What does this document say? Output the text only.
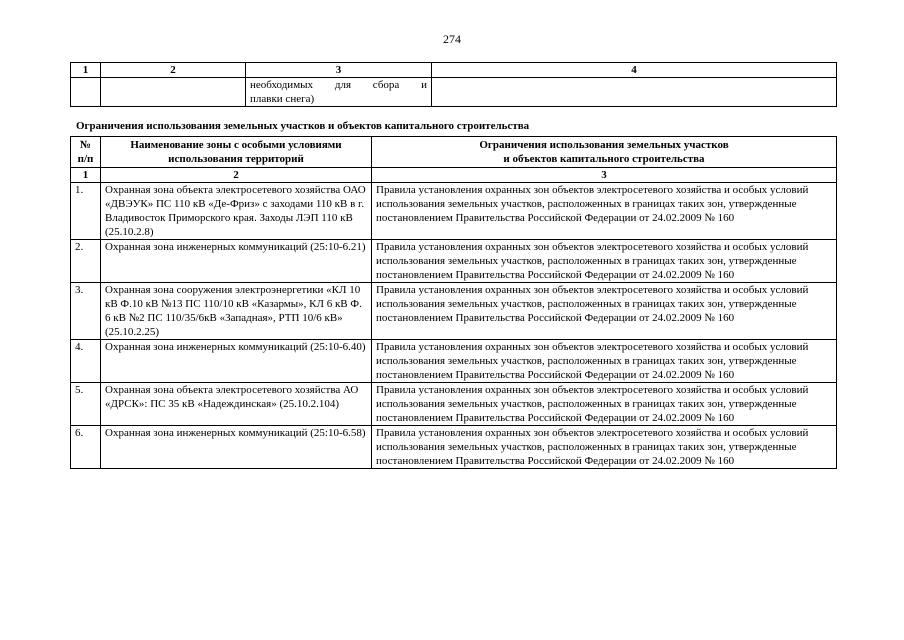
274
1	2	3	4

		необходимых для сбора и
плавки снега)	
Ограничения использования земельных участков и объектов капитального строительства
№
п/п	Наименование зоны с особыми условиями
использования территорий	Ограничения использования земельных участков
и объектов капитального строительства

1	2	3
1.	Охранная зона объекта электросетевого хозяйства ОАО «ДВЭУК» ПС 110 кВ «Де-Фриз» с заходами 110 кВ в г. Владивосток Приморского края. Заходы ЛЭП 110 кВ (25.10.2.8)	Правила установления охранных зон объектов электросетевого хозяйства и особых условий использования земельных участков, расположенных в границах таких зон, утвержденные постановлением Правительства Российской Федерации от 24.02.2009 № 160
2.	Охранная зона инженерных коммуникаций (25:10-6.21)	Правила установления охранных зон объектов электросетевого хозяйства и особых условий использования земельных участков, расположенных в границах таких зон, утвержденные постановлением Правительства Российской Федерации от 24.02.2009 № 160
3.	Охранная зона сооружения электроэнергетики «КЛ 10 кВ Ф.10 кВ №13 ПС 110/10 кВ «Казармы», КЛ 6 кВ Ф. 6 кВ №2 ПС 110/35/6кВ «Западная», РТП 10/6 кВ» (25.10.2.25)	Правила установления охранных зон объектов электросетевого хозяйства и особых условий использования земельных участков, расположенных в границах таких зон, утвержденные постановлением Правительства Российской Федерации от 24.02.2009 № 160
4.	Охранная зона инженерных коммуникаций (25:10-6.40)	Правила установления охранных зон объектов электросетевого хозяйства и особых условий использования земельных участков, расположенных в границах таких зон, утвержденные постановлением Правительства Российской Федерации от 24.02.2009 № 160
5.	Охранная зона объекта электросетевого хозяйства АО «ДРСК»: ПС 35 кВ «Надеждинская» (25.10.2.104)	Правила установления охранных зон объектов электросетевого хозяйства и особых условий использования земельных участков, расположенных в границах таких зон, утвержденные постановлением Правительства Российской Федерации от 24.02.2009 № 160
6.	Охранная зона инженерных коммуникаций (25:10-6.58)	Правила установления охранных зон объектов электросетевого хозяйства и особых условий использования земельных участков, расположенных в границах таких зон, утвержденные постановлением Правительства Российской Федерации от 24.02.2009 № 160
